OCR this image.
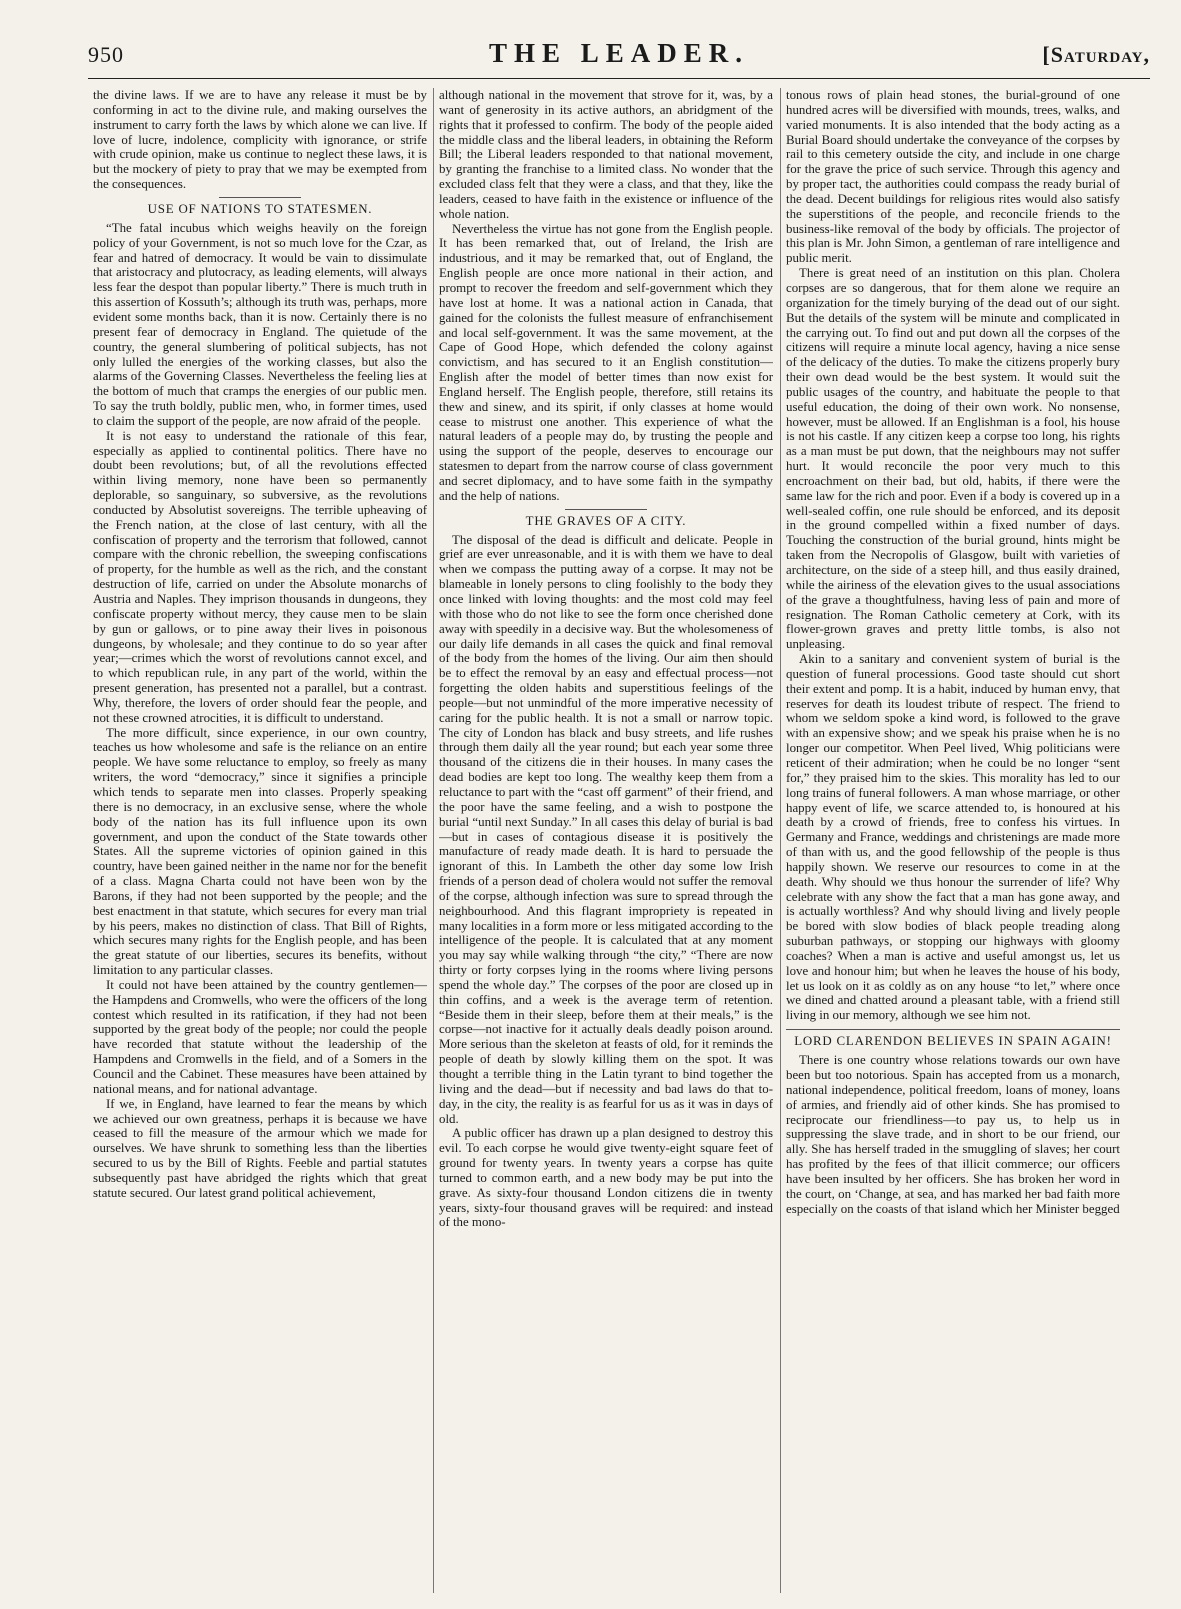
950	THE LEADER.	[Saturday,

the divine laws. If we are to have any release it must be by conforming in act to the divine rule, and making ourselves the instrument to carry forth the laws by which alone we can live. If love of lucre, indolence, complicity with ignorance, or strife with crude opinion, make us continue to neglect these laws, it is but the mockery of piety to pray that we may be exempted from the consequences.

USE OF NATIONS TO STATESMEN.

“The fatal incubus which weighs heavily on the foreign policy of your Government, is not so much love for the Czar, as fear and hatred of democracy. It would be vain to dissimulate that aristocracy and plutocracy, as leading elements, will always less fear the despot than popular liberty.” There is much truth in this assertion of Kossuth’s; although its truth was, perhaps, more evident some months back, than it is now. Certainly there is no present fear of democracy in England. The quietude of the country, the general slumbering of political subjects, has not only lulled the energies of the working classes, but also the alarms of the Governing Classes. Nevertheless the feeling lies at the bottom of much that cramps the energies of our public men. To say the truth boldly, public men, who, in former times, used to claim the support of the people, are now afraid of the people.

It is not easy to understand the rationale of this fear, especially as applied to continental politics. There have no doubt been revolutions; but, of all the revolutions effected within living memory, none have been so permanently deplorable, so sanguinary, so subversive, as the revolutions conducted by Absolutist sovereigns. The terrible upheaving of the French nation, at the close of last century, with all the confiscation of property and the terrorism that followed, cannot compare with the chronic rebellion, the sweeping confiscations of property, for the humble as well as the rich, and the constant destruction of life, carried on under the Absolute monarchs of Austria and Naples. They imprison thousands in dungeons, they confiscate property without mercy, they cause men to be slain by gun or gallows, or to pine away their lives in poisonous dungeons, by wholesale; and they continue to do so year after year;—crimes which the worst of revolutions cannot excel, and to which republican rule, in any part of the world, within the present generation, has presented not a parallel, but a contrast. Why, therefore, the lovers of order should fear the people, and not these crowned atrocities, it is difficult to understand.

The more difficult, since experience, in our own country, teaches us how wholesome and safe is the reliance on an entire people. We have some reluctance to employ, so freely as many writers, the word “democracy,” since it signifies a principle which tends to separate men into classes. Properly speaking there is no democracy, in an exclusive sense, where the whole body of the nation has its full influence upon its own government, and upon the conduct of the State towards other States. All the supreme victories of opinion gained in this country, have been gained neither in the name nor for the benefit of a class. Magna Charta could not have been won by the Barons, if they had not been supported by the people; and the best enactment in that statute, which secures for every man trial by his peers, makes no distinction of class. That Bill of Rights, which secures many rights for the English people, and has been the great statute of our liberties, secures its benefits, without limitation to any particular classes.

It could not have been attained by the country gentlemen—the Hampdens and Cromwells, who were the officers of the long contest which resulted in its ratification, if they had not been supported by the great body of the people; nor could the people have recorded that statute without the leadership of the Hampdens and Cromwells in the field, and of a Somers in the Council and the Cabinet. These measures have been attained by national means, and for national advantage.

If we, in England, have learned to fear the means by which we achieved our own greatness, perhaps it is because we have ceased to fill the measure of the armour which we made for ourselves. We have shrunk to something less than the liberties secured to us by the Bill of Rights. Feeble and partial statutes subsequently past have abridged the rights which that great statute secured. Our latest grand political achievement,

although national in the movement that strove for it, was, by a want of generosity in its active authors, an abridgment of the rights that it professed to confirm. The body of the people aided the middle class and the liberal leaders, in obtaining the Reform Bill; the Liberal leaders responded to that national movement, by granting the franchise to a limited class. No wonder that the excluded class felt that they were a class, and that they, like the leaders, ceased to have faith in the existence or influence of the whole nation.

Nevertheless the virtue has not gone from the English people. It has been remarked that, out of Ireland, the Irish are industrious, and it may be remarked that, out of England, the English people are once more national in their action, and prompt to recover the freedom and self-government which they have lost at home. It was a national action in Canada, that gained for the colonists the fullest measure of enfranchisement and local self-government. It was the same movement, at the Cape of Good Hope, which defended the colony against convictism, and has secured to it an English constitution—English after the model of better times than now exist for England herself. The English people, therefore, still retains its thew and sinew, and its spirit, if only classes at home would cease to mistrust one another. This experience of what the natural leaders of a people may do, by trusting the people and using the support of the people, deserves to encourage our statesmen to depart from the narrow course of class government and secret diplomacy, and to have some faith in the sympathy and the help of nations.

THE GRAVES OF A CITY.

The disposal of the dead is difficult and delicate. People in grief are ever unreasonable, and it is with them we have to deal when we compass the putting away of a corpse. It may not be blameable in lonely persons to cling foolishly to the body they once linked with loving thoughts: and the most cold may feel with those who do not like to see the form once cherished done away with speedily in a decisive way. But the wholesomeness of our daily life demands in all cases the quick and final removal of the body from the homes of the living. Our aim then should be to effect the removal by an easy and effectual process—not forgetting the olden habits and superstitious feelings of the people—but not unmindful of the more imperative necessity of caring for the public health. It is not a small or narrow topic. The city of London has black and busy streets, and life rushes through them daily all the year round; but each year some three thousand of the citizens die in their houses. In many cases the dead bodies are kept too long. The wealthy keep them from a reluctance to part with the “cast off garment” of their friend, and the poor have the same feeling, and a wish to postpone the burial “until next Sunday.” In all cases this delay of burial is bad—but in cases of contagious disease it is positively the manufacture of ready made death. It is hard to persuade the ignorant of this. In Lambeth the other day some low Irish friends of a person dead of cholera would not suffer the removal of the corpse, although infection was sure to spread through the neighbourhood. And this flagrant impropriety is repeated in many localities in a form more or less mitigated according to the intelligence of the people. It is calculated that at any moment you may say while walking through “the city,” “There are now thirty or forty corpses lying in the rooms where living persons spend the whole day.” The corpses of the poor are closed up in thin coffins, and a week is the average term of retention. “Beside them in their sleep, before them at their meals,” is the corpse—not inactive for it actually deals deadly poison around. More serious than the skeleton at feasts of old, for it reminds the people of death by slowly killing them on the spot. It was thought a terrible thing in the Latin tyrant to bind together the living and the dead—but if necessity and bad laws do that to-day, in the city, the reality is as fearful for us as it was in days of old.

A public officer has drawn up a plan designed to destroy this evil. To each corpse he would give twenty-eight square feet of ground for twenty years. In twenty years a corpse has quite turned to common earth, and a new body may be put into the grave. As sixty-four thousand London citizens die in twenty years, sixty-four thousand graves will be required: and instead of the mono-

tonous rows of plain head stones, the burial-ground of one hundred acres will be diversified with mounds, trees, walks, and varied monuments. It is also intended that the body acting as a Burial Board should undertake the conveyance of the corpses by rail to this cemetery outside the city, and include in one charge for the grave the price of such service. Through this agency and by proper tact, the authorities could compass the ready burial of the dead. Decent buildings for religious rites would also satisfy the superstitions of the people, and reconcile friends to the business-like removal of the body by officials. The projector of this plan is Mr. John Simon, a gentleman of rare intelligence and public merit.

There is great need of an institution on this plan. Cholera corpses are so dangerous, that for them alone we require an organization for the timely burying of the dead out of our sight. But the details of the system will be minute and complicated in the carrying out. To find out and put down all the corpses of the citizens will require a minute local agency, having a nice sense of the delicacy of the duties. To make the citizens properly bury their own dead would be the best system. It would suit the public usages of the country, and habituate the people to that useful education, the doing of their own work. No nonsense, however, must be allowed. If an Englishman is a fool, his house is not his castle. If any citizen keep a corpse too long, his rights as a man must be put down, that the neighbours may not suffer hurt. It would reconcile the poor very much to this encroachment on their bad, but old, habits, if there were the same law for the rich and poor. Even if a body is covered up in a well-sealed coffin, one rule should be enforced, and its deposit in the ground compelled within a fixed number of days. Touching the construction of the burial ground, hints might be taken from the Necropolis of Glasgow, built with varieties of architecture, on the side of a steep hill, and thus easily drained, while the airiness of the elevation gives to the usual associations of the grave a thoughtfulness, having less of pain and more of resignation. The Roman Catholic cemetery at Cork, with its flower-grown graves and pretty little tombs, is also not unpleasing.

Akin to a sanitary and convenient system of burial is the question of funeral processions. Good taste should cut short their extent and pomp. It is a habit, induced by human envy, that reserves for death its loudest tribute of respect. The friend to whom we seldom spoke a kind word, is followed to the grave with an expensive show; and we speak his praise when he is no longer our competitor. When Peel lived, Whig politicians were reticent of their admiration; when he could be no longer “sent for,” they praised him to the skies. This morality has led to our long trains of funeral followers. A man whose marriage, or other happy event of life, we scarce attended to, is honoured at his death by a crowd of friends, free to confess his virtues. In Germany and France, weddings and christenings are made more of than with us, and the good fellowship of the people is thus happily shown. We reserve our resources to come in at the death. Why should we thus honour the surrender of life? Why celebrate with any show the fact that a man has gone away, and is actually worthless? And why should living and lively people be bored with slow bodies of black people treading along suburban pathways, or stopping our highways with gloomy coaches? When a man is active and useful amongst us, let us love and honour him; but when he leaves the house of his body, let us look on it as coldly as on any house “to let,” where once we dined and chatted around a pleasant table, with a friend still living in our memory, although we see him not.

LORD CLARENDON BELIEVES IN SPAIN AGAIN!

There is one country whose relations towards our own have been but too notorious. Spain has accepted from us a monarch, national independence, political freedom, loans of money, loans of armies, and friendly aid of other kinds. She has promised to reciprocate our friendliness—to pay us, to help us in suppressing the slave trade, and in short to be our friend, our ally. She has herself traded in the smuggling of slaves; her court has profited by the fees of that illicit commerce; our officers have been insulted by her officers. She has broken her word in the court, on ‘Change, at sea, and has marked her bad faith more especially on the coasts of that island which her Minister begged
